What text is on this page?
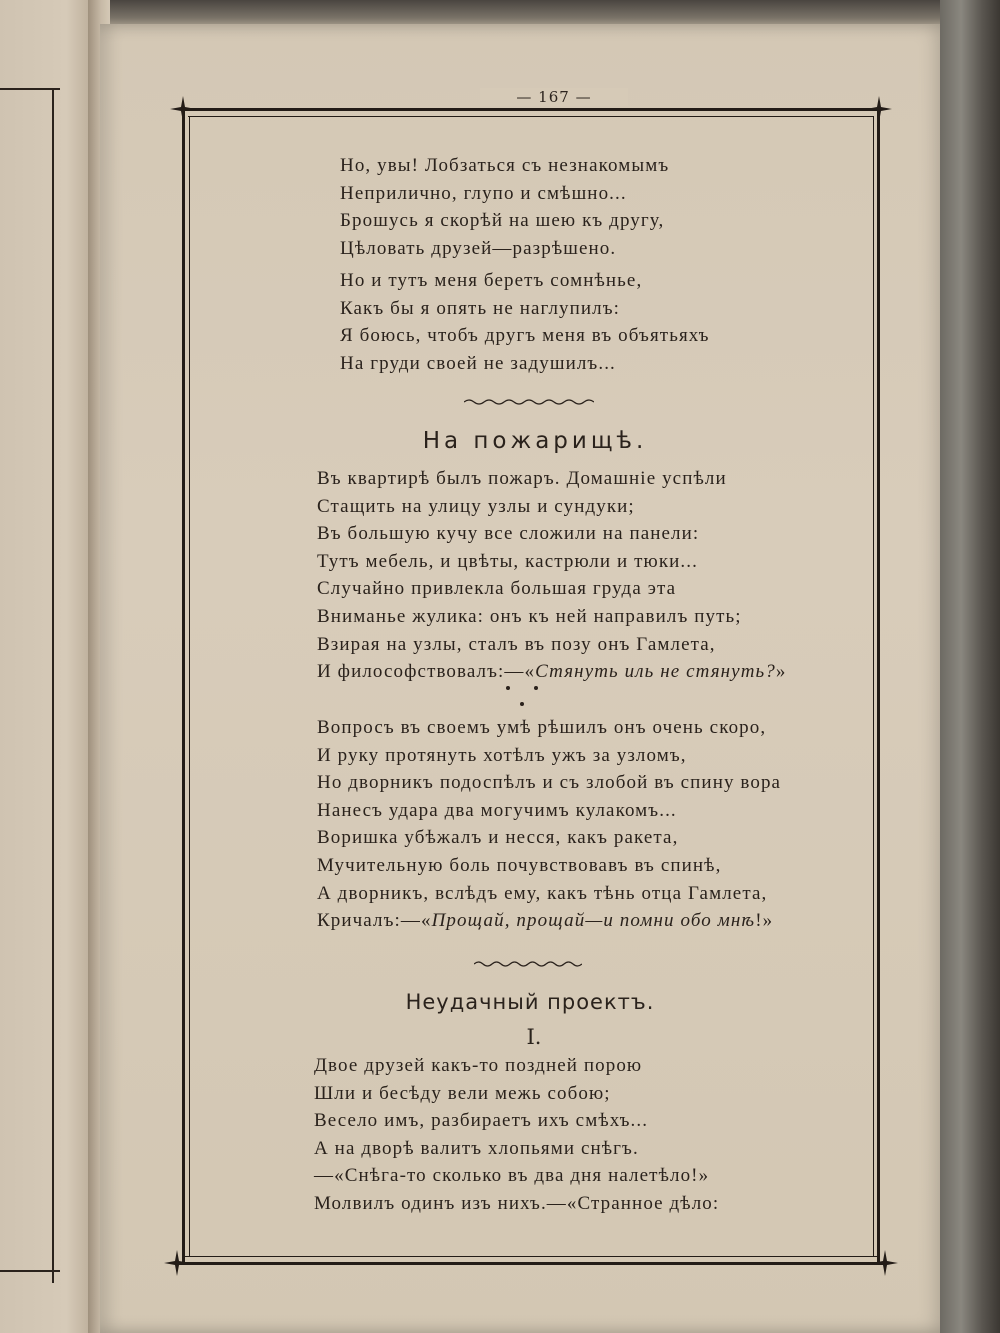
— 167 —
Но, увы! Лобзаться съ незнакомымъ
Неприлично, глупо и смѣшно...
Брошусь я скорѣй на шею къ другу,
Цѣловать друзей—разрѣшено.
Но и тутъ меня беретъ сомнѣнье,
Какъ бы я опять не наглупилъ:
Я боюсь, чтобъ другъ меня въ объятьяхъ
На груди своей не задушилъ...
На пожарищѣ.
Въ квартирѣ былъ пожаръ. Домашніе успѣли
Стащить на улицу узлы и сундуки;
Въ большую кучу все сложили на панели:
Тутъ мебель, и цвѣты, кастрюли и тюки...
Случайно привлекла большая груда эта
Вниманье жулика: онъ къ ней направилъ путь;
Взирая на узлы, сталъ въ позу онъ Гамлета,
И философствовалъ:—«Стянуть иль не стянуть?»
Вопросъ въ своемъ умѣ рѣшилъ онъ очень скоро,
И руку протянуть хотѣлъ ужъ за узломъ,
Но дворникъ подоспѣлъ и съ злобой въ спину вора
Нанесъ удара два могучимъ кулакомъ...
Воришка убѣжалъ и несся, какъ ракета,
Мучительную боль почувствовавъ въ спинѣ,
А дворникъ, вслѣдъ ему, какъ тѣнь отца Гамлета,
Кричалъ:—«Прощай, прощай—и помни обо мнѣ!»
Неудачный проектъ.
I.
Двое друзей какъ-то поздней порою
Шли и бесѣду вели межь собою;
Весело имъ, разбираетъ ихъ смѣхъ...
А на дворѣ валитъ хлопьями снѣгъ.
—«Снѣга-то сколько въ два дня налетѣло!»
Молвилъ одинъ изъ нихъ.—«Странное дѣло:
